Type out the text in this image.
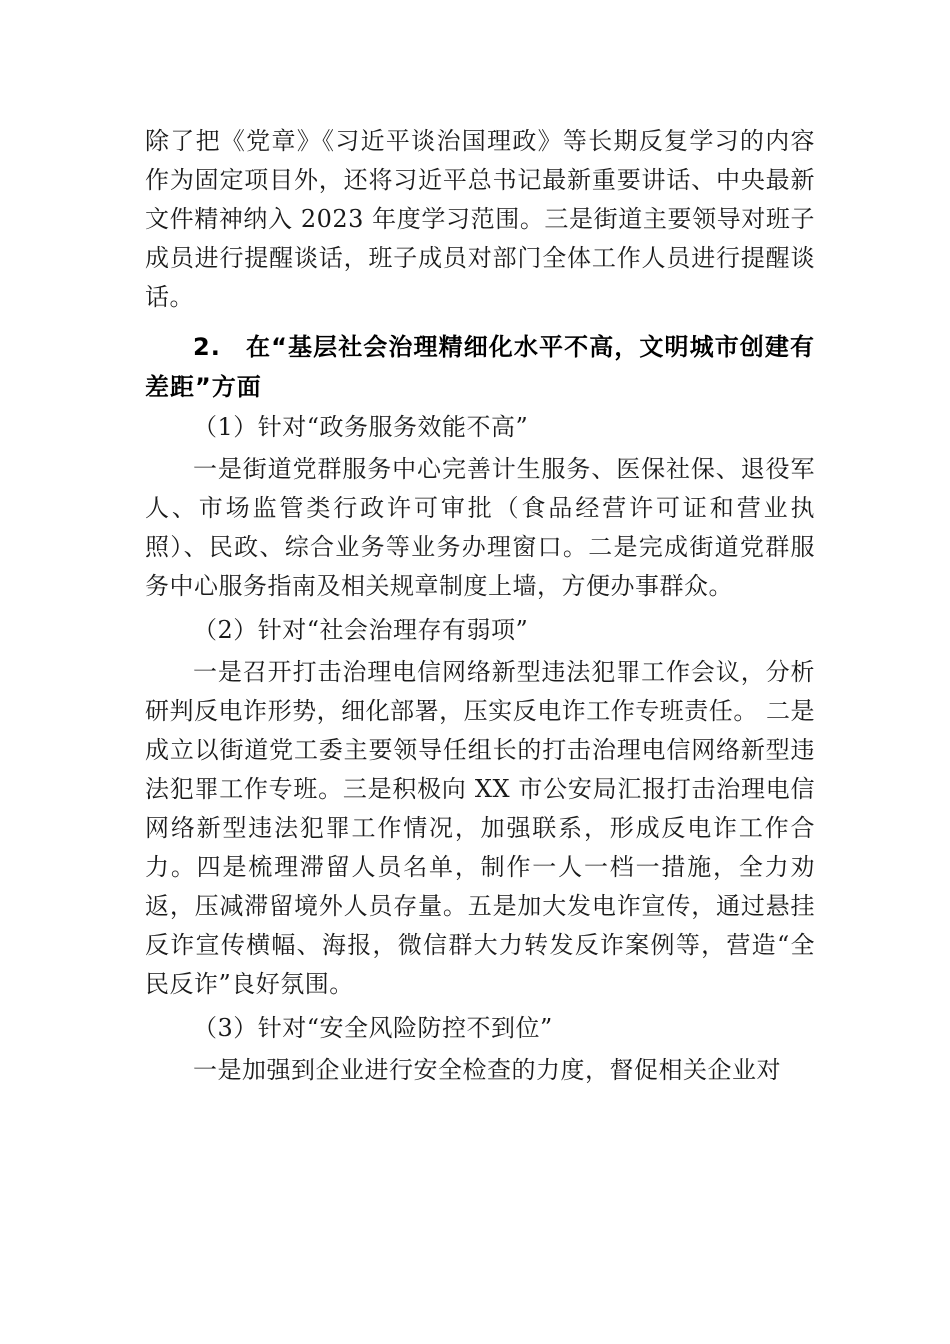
除了把《党章》《习近平谈治国理政》等长期反复学习的内容作为固定项目外，还将习近平总书记最新重要讲话、中央最新文件精神纳入 2023 年度学习范围。三是街道主要领导对班子成员进行提醒谈话，班子成员对部门全体工作人员进行提醒谈话。

2.　在“基层社会治理精细化水平不高，文明城市创建有差距”方面

（1）针对“政务服务效能不高”

一是街道党群服务中心完善计生服务、医保社保、退役军人、市场监管类行政许可审批（食品经营许可证和营业执照）、民政、综合业务等业务办理窗口。二是完成街道党群服务中心服务指南及相关规章制度上墙，方便办事群众。

（2）针对“社会治理存有弱项”

一是召开打击治理电信网络新型违法犯罪工作会议，分析研判反电诈形势，细化部署，压实反电诈工作专班责任。 二是成立以街道党工委主要领导任组长的打击治理电信网络新型违法犯罪工作专班。三是积极向 XX 市公安局汇报打击治理电信网络新型违法犯罪工作情况，加强联系，形成反电诈工作合力。四是梳理滞留人员名单，制作一人一档一措施，全力劝返，压减滞留境外人员存量。五是加大发电诈宣传，通过悬挂反诈宣传横幅、海报，微信群大力转发反诈案例等，营造“全民反诈”良好氛围。

（3）针对“安全风险防控不到位”

一是加强到企业进行安全检查的力度，督促相关企业对
